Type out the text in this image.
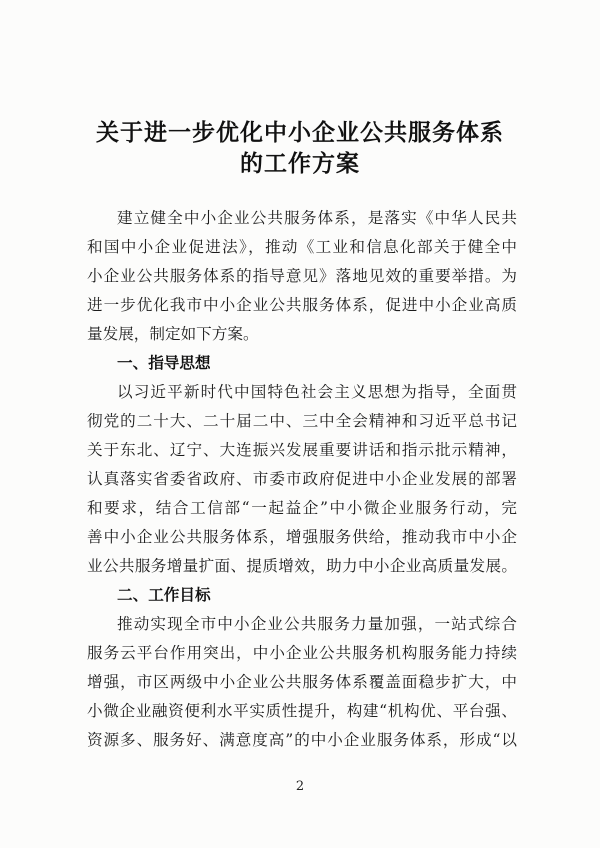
关于进一步优化中小企业公共服务体系
的工作方案
建立健全中小企业公共服务体系，是落实《中华人民共
和国中小企业促进法》，推动《工业和信息化部关于健全中
小企业公共服务体系的指导意见》落地见效的重要举措。为
进一步优化我市中小企业公共服务体系，促进中小企业高质
量发展，制定如下方案。
一、指导思想
以习近平新时代中国特色社会主义思想为指导，全面贯
彻党的二十大、二十届二中、三中全会精神和习近平总书记
关于东北、辽宁、大连振兴发展重要讲话和指示批示精神，
认真落实省委省政府、市委市政府促进中小企业发展的部署
和要求，结合工信部“一起益企”中小微企业服务行动，完
善中小企业公共服务体系，增强服务供给，推动我市中小企
业公共服务增量扩面、提质增效，助力中小企业高质量发展。
二、工作目标
推动实现全市中小企业公共服务力量加强，一站式综合
服务云平台作用突出，中小企业公共服务机构服务能力持续
增强，市区两级中小企业公共服务体系覆盖面稳步扩大，中
小微企业融资便利水平实质性提升，构建“机构优、平台强、
资源多、服务好、满意度高”的中小企业服务体系，形成“以
2
